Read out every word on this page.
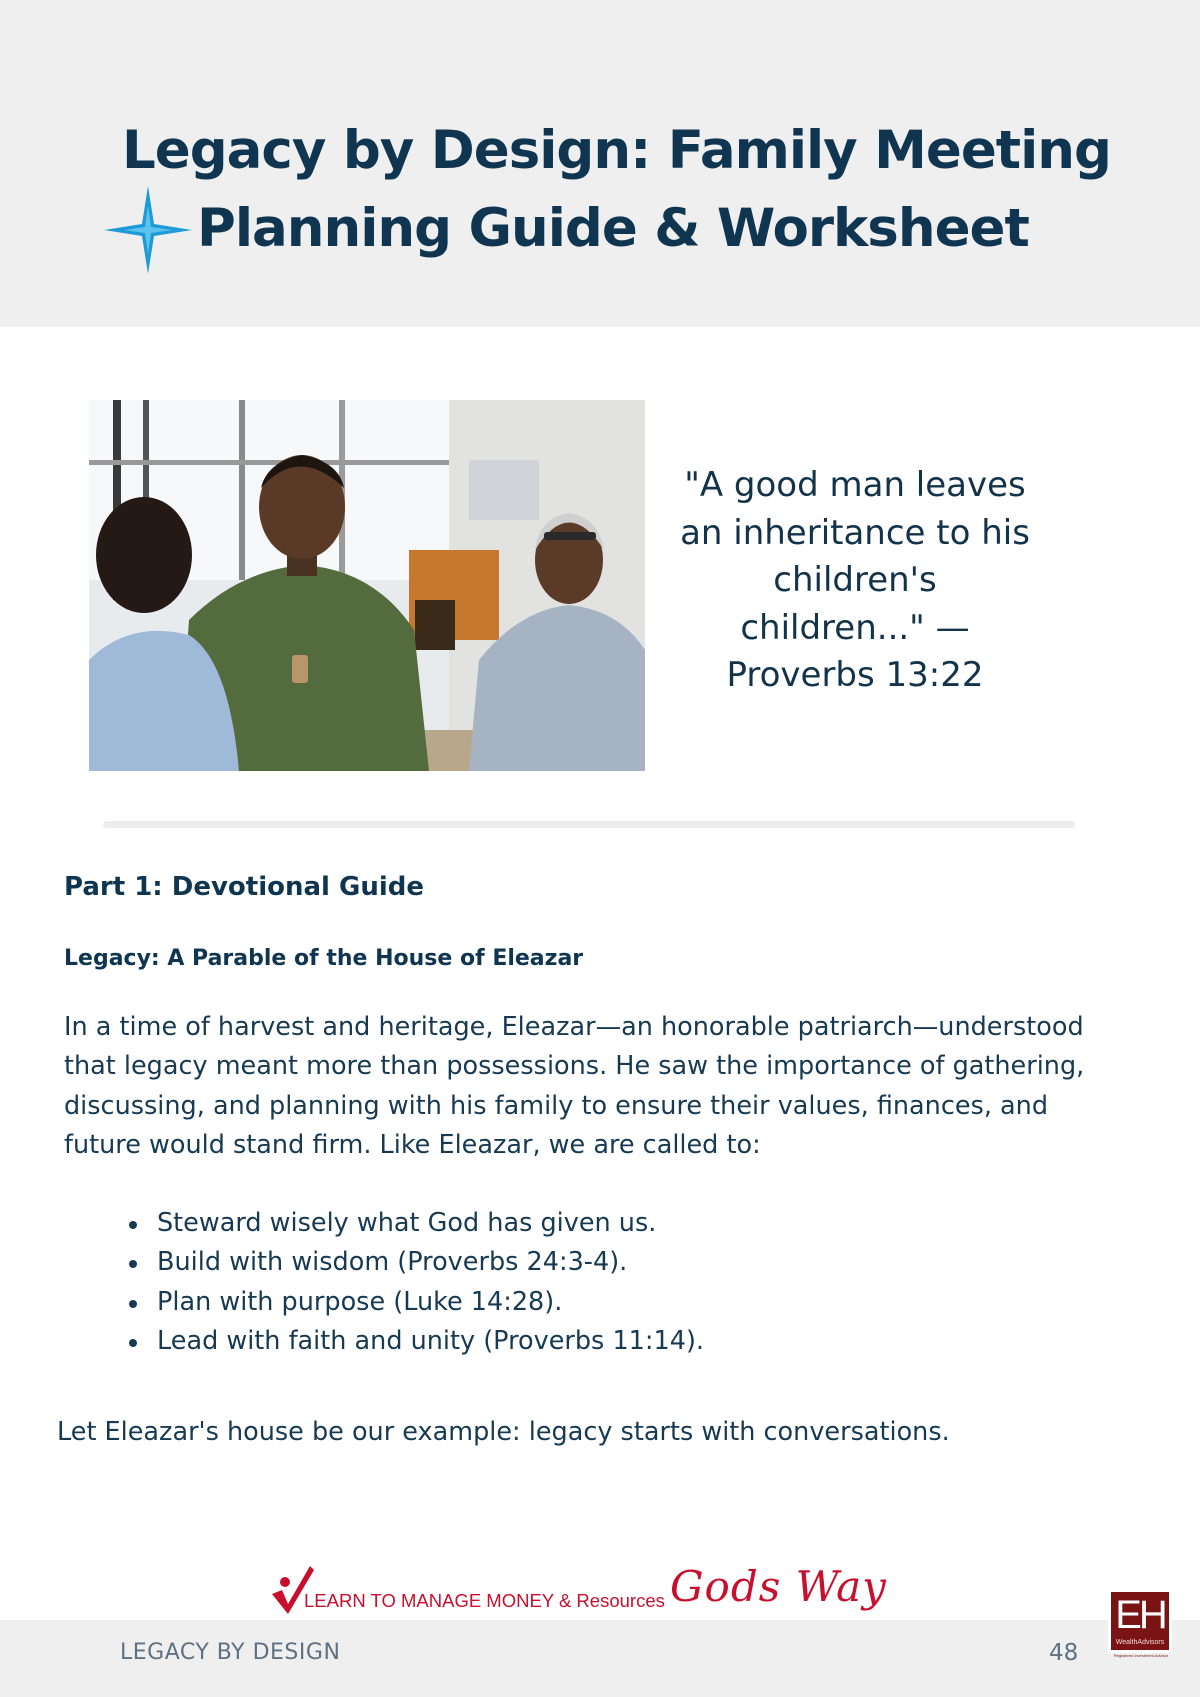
Legacy by Design: Family Meeting
Planning Guide & Worksheet

"A good man leaves an inheritance to his children's children..." — Proverbs 13:22

Part 1: Devotional Guide
Legacy: A Parable of the House of Eleazar

In a time of harvest and heritage, Eleazar—an honorable patriarch—understood that legacy meant more than possessions. He saw the importance of gathering, discussing, and planning with his family to ensure their values, finances, and future would stand firm. Like Eleazar, we are called to:

Steward wisely what God has given us.
Build with wisdom (Proverbs 24:3-4).
Plan with purpose (Luke 14:28).
Lead with faith and unity (Proverbs 11:14).

Let Eleazar's house be our example: legacy starts with conversations.

LEARN TO MANAGE MONEY & Resources Gods Way
LEGACY BY DESIGN	48
EH
WealthAdvisors
Registered Investment Advisor
